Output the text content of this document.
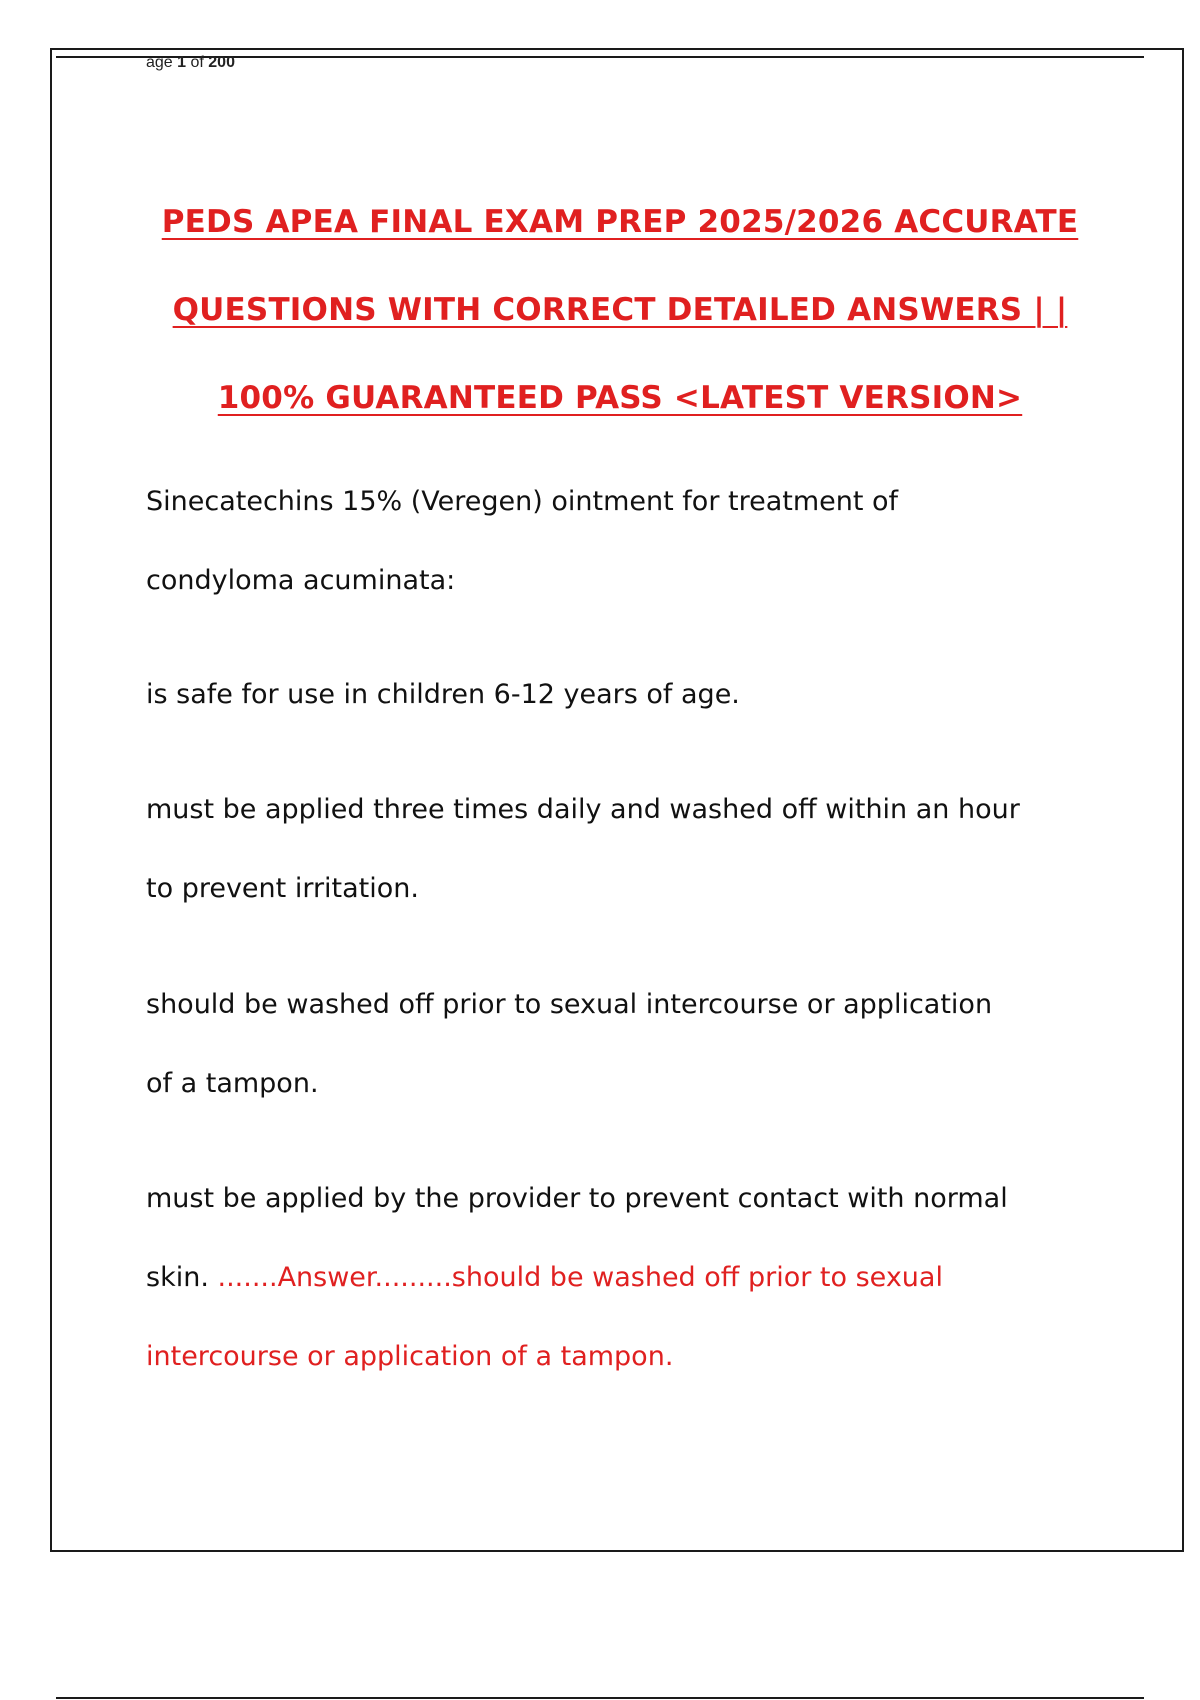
age 1 of 200
PEDS APEA FINAL EXAM PREP 2025/2026 ACCURATE
QUESTIONS WITH CORRECT DETAILED ANSWERS | |
100% GUARANTEED PASS <LATEST VERSION>
Sinecatechins 15% (Veregen) ointment for treatment of
condyloma acuminata:
is safe for use in children 6-12 years of age.
must be applied three times daily and washed off within an hour
to prevent irritation.
should be washed off prior to sexual intercourse or application
of a tampon.
must be applied by the provider to prevent contact with normal
skin. .......Answer.........should be washed off prior to sexual
intercourse or application of a tampon.
